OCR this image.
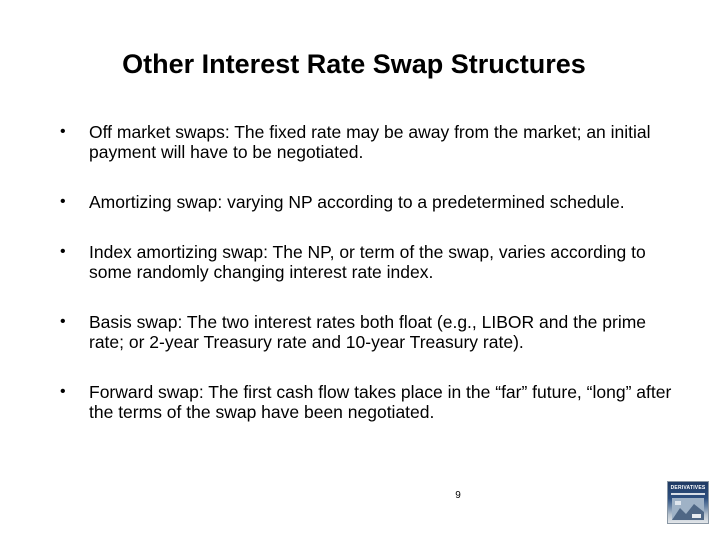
Other Interest Rate Swap Structures
•	Off market swaps: The fixed rate may be away from the market; an initial payment will have to be negotiated.
•	Amortizing swap: varying NP according to a predetermined schedule.
•	Index amortizing swap: The NP, or term of the swap, varies according to some randomly changing interest rate index.
•	Basis swap: The two interest rates both float (e.g., LIBOR and the prime rate; or 2-year Treasury rate and 10-year Treasury rate).
•	Forward swap: The first cash flow takes place in the “far” future, “long” after the terms of the swap have been negotiated.
9
DERIVATIVES
